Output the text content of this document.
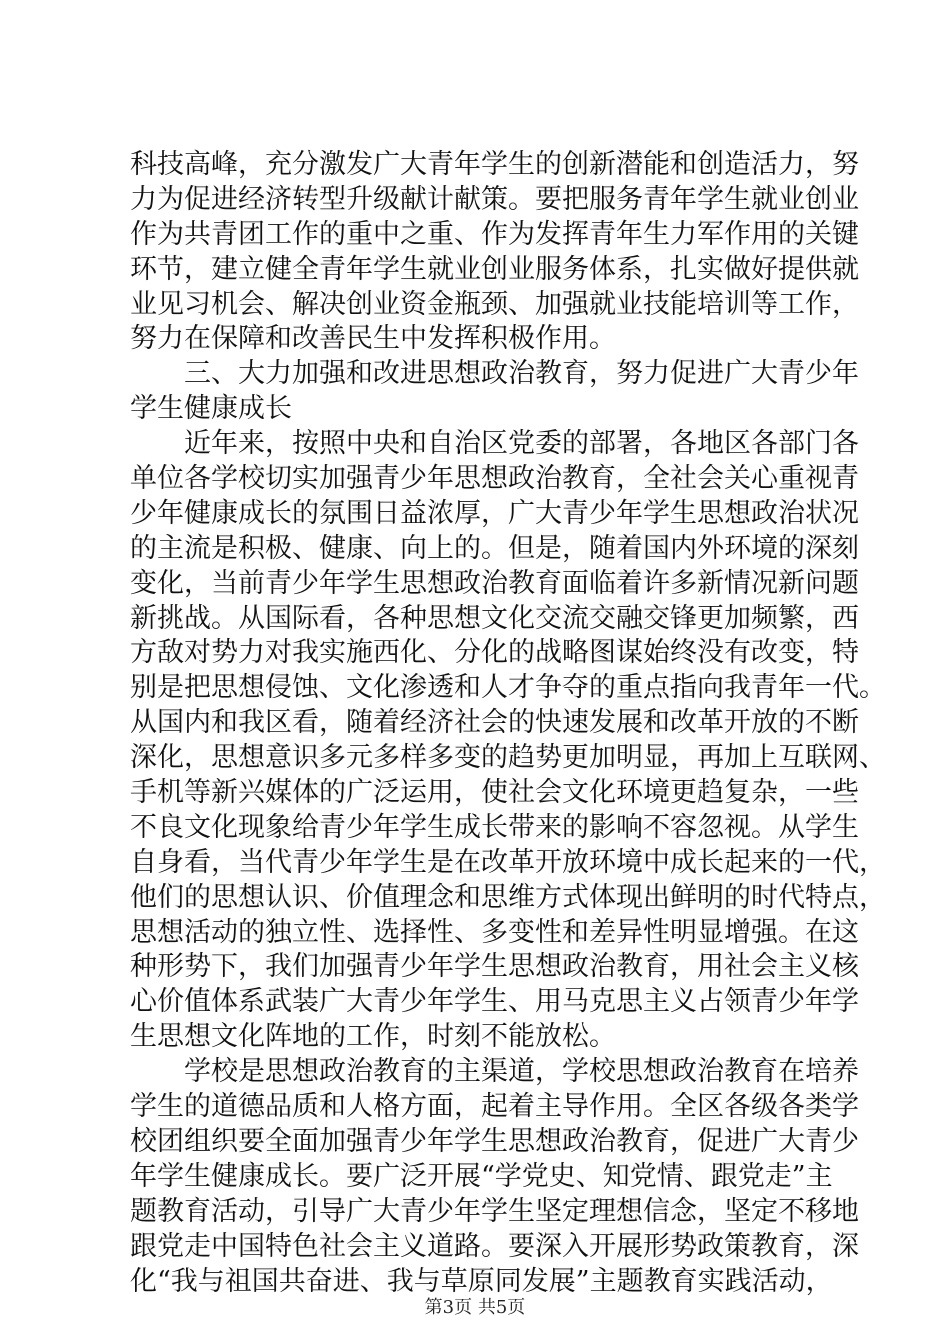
科技高峰，充分激发广大青年学生的创新潜能和创造活力，努
力为促进经济转型升级献计献策。要把服务青年学生就业创业
作为共青团工作的重中之重、作为发挥青年生力军作用的关键
环节，建立健全青年学生就业创业服务体系，扎实做好提供就
业见习机会、解决创业资金瓶颈、加强就业技能培训等工作，
努力在保障和改善民生中发挥积极作用。
三、大力加强和改进思想政治教育，努力促进广大青少年
学生健康成长
近年来，按照中央和自治区党委的部署，各地区各部门各
单位各学校切实加强青少年思想政治教育，全社会关心重视青
少年健康成长的氛围日益浓厚，广大青少年学生思想政治状况
的主流是积极、健康、向上的。但是，随着国内外环境的深刻
变化，当前青少年学生思想政治教育面临着许多新情况新问题
新挑战。从国际看，各种思想文化交流交融交锋更加频繁，西
方敌对势力对我实施西化、分化的战略图谋始终没有改变，特
别是把思想侵蚀、文化渗透和人才争夺的重点指向我青年一代。
从国内和我区看，随着经济社会的快速发展和改革开放的不断
深化，思想意识多元多样多变的趋势更加明显，再加上互联网、
手机等新兴媒体的广泛运用，使社会文化环境更趋复杂，一些
不良文化现象给青少年学生成长带来的影响不容忽视。从学生
自身看，当代青少年学生是在改革开放环境中成长起来的一代，
他们的思想认识、价值理念和思维方式体现出鲜明的时代特点，
思想活动的独立性、选择性、多变性和差异性明显增强。在这
种形势下，我们加强青少年学生思想政治教育，用社会主义核
心价值体系武装广大青少年学生、用马克思主义占领青少年学
生思想文化阵地的工作，时刻不能放松。
学校是思想政治教育的主渠道，学校思想政治教育在培养
学生的道德品质和人格方面，起着主导作用。全区各级各类学
校团组织要全面加强青少年学生思想政治教育，促进广大青少
年学生健康成长。要广泛开展“学党史、知党情、跟党走”主
题教育活动，引导广大青少年学生坚定理想信念，坚定不移地
跟党走中国特色社会主义道路。要深入开展形势政策教育，深
化“我与祖国共奋进、我与草原同发展”主题教育实践活动，
第3页 共5页
